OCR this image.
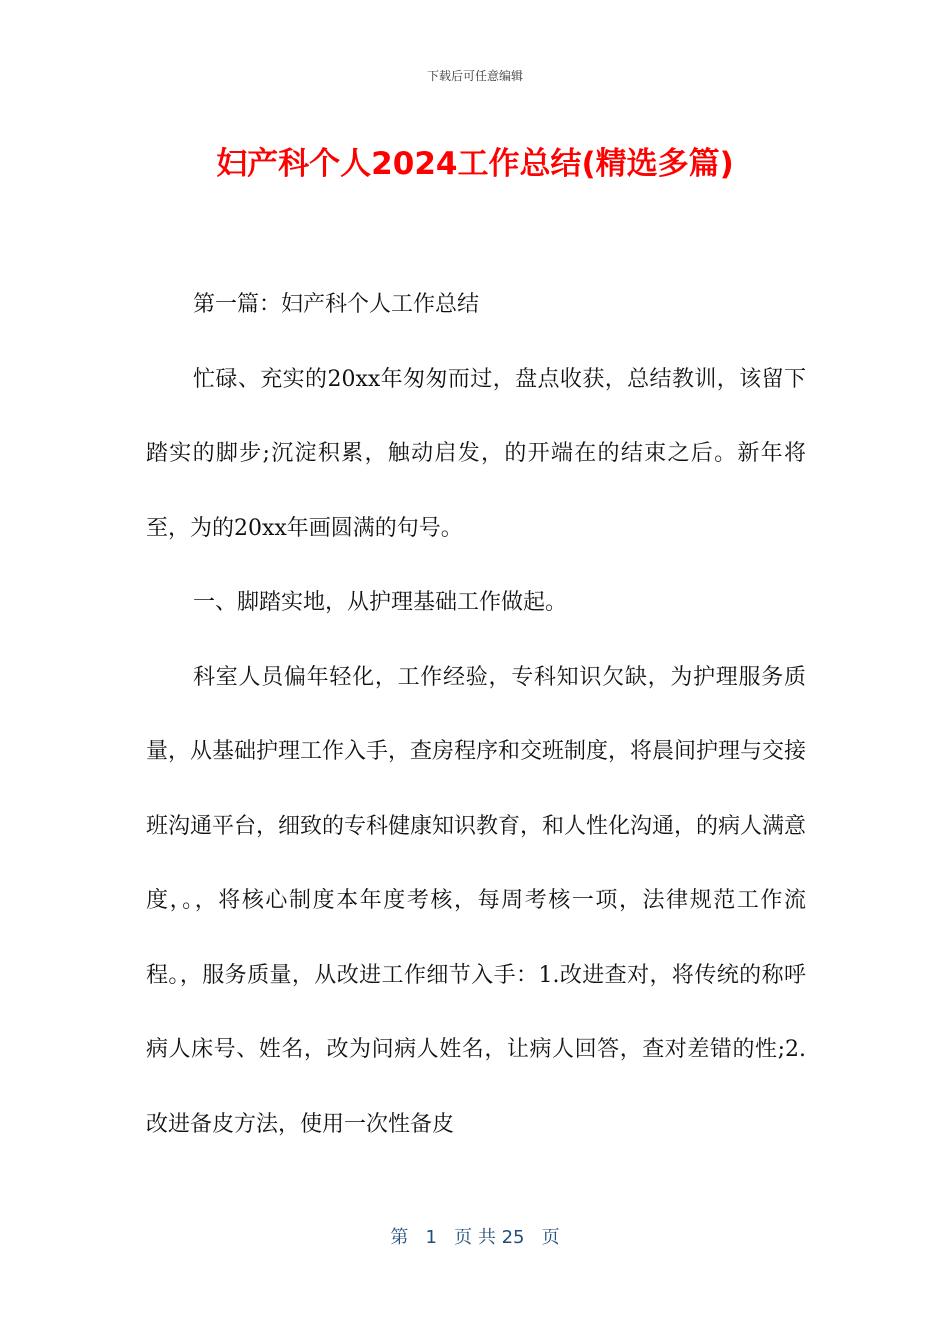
下载后可任意编辑
妇产科个人2024工作总结(精选多篇)

第一篇：妇产科个人工作总结

忙碌、充实的20xx年匆匆而过，盘点收获，总结教训，该留下踏实的脚步;沉淀积累，触动启发，的开端在的结束之后。新年将至，为的20xx年画圆满的句号。

一、脚踏实地，从护理基础工作做起。

科室人员偏年轻化，工作经验，专科知识欠缺，为护理服务质量，从基础护理工作入手，查房程序和交班制度，将晨间护理与交接班沟通平台，细致的专科健康知识教育，和人性化沟通，的病人满意度，。，将核心制度本年度考核，每周考核一项，法律规范工作流程。，服务质量，从改进工作细节入手：1.改进查对，将传统的称呼病人床号、姓名，改为问病人姓名，让病人回答，查对差错的性;2.改进备皮方法，使用一次性备皮

第 1 页 共 25 页
